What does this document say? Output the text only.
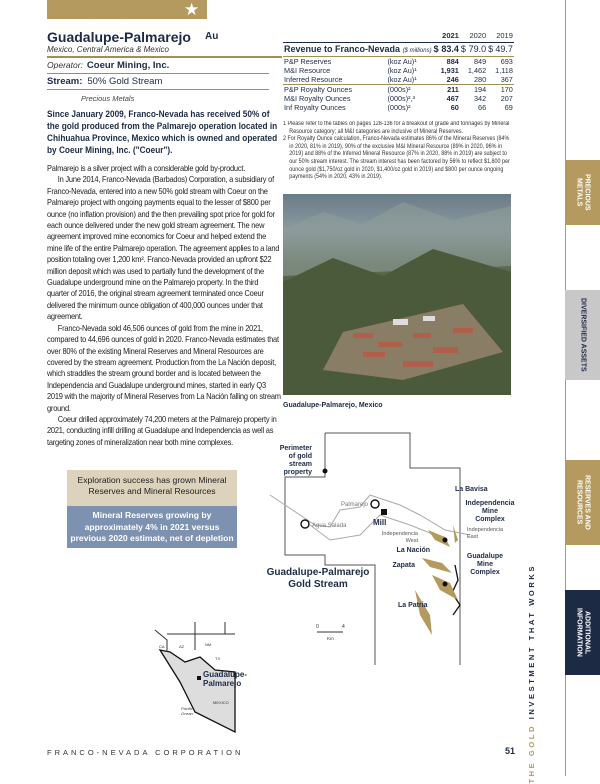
★
Central America and Mexico
Guadalupe-Palmarejo Au
Mexico, Central America & Mexico
Operator: Coeur Mining, Inc.
Stream: 50% Gold Stream
Precious Metals
Since January 2009, Franco-Nevada has received 50% of the gold produced from the Palmarejo operation located in Chihuahua Province, Mexico which is owned and operated by Coeur Mining, Inc. ("Coeur").

Palmarejo is a silver project with a considerable gold by-product.

In June 2014, Franco-Nevada (Barbados) Corporation, a subsidiary of Franco-Nevada, entered into a new 50% gold stream with Coeur on the Palmarejo project with ongoing payments equal to the lesser of $800 per ounce (no inflation provision) and the then prevailing spot price for gold for each ounce delivered under the new gold stream agreement. The new agreement improved mine economics for Coeur and helped extend the mine life of the entire Palmarejo operation. The agreement applies to a land position totaling over 1,200 km². Franco-Nevada provided an upfront $22 million deposit which was used to partially fund the development of the Guadalupe underground mine on the Palmarejo property. In the third quarter of 2016, the original stream agreement terminated once Coeur delivered the minimum ounce obligation of 400,000 ounces under that agreement.

Franco-Nevada sold 46,506 ounces of gold from the mine in 2021, compared to 44,696 ounces of gold in 2020. Franco-Nevada estimates that over 80% of the existing Mineral Reserves and Mineral Resources are covered by the stream agreement. Production from the La Nación deposit, which straddles the stream ground border and is located between the Independencia and Guadalupe underground mines, started in early Q3 2019 with the majority of Mineral Reserves from La Nación falling on stream ground.

Coeur drilled approximately 74,200 meters at the Palmarejo property in 2021, conducting infill drilling at Guadalupe and Independencia as well as targeting zones of mineralization near both mine complexes.

Exploration success has grown Mineral Reserves and Mineral Resources
Mineral Reserves growing by approximately 4% in 2021 versus previous 2020 estimate, net of depletion
			2021		2020		2019
Revenue to Franco-Nevada ($ millions)		$	83.4	$	79.0	$	49.7
P&P Reserves	(koz Au)¹		884		849		693
M&I Resource	(koz Au)¹		1,931		1,462		1,118
Inferred Resource	(koz Au)¹		246		280		367
P&P Royalty Ounces	(000s)²		211		194		170
M&I Royalty Ounces	(000s)²,³		467		342		207
Inf Royalty Ounces	(000s)²		60		66		69

1 Please refer to the tables on pages 128-136 for a breakout of grade and tonnages by Mineral Resource category; all M&I categories are inclusive of Mineral Reserves.

2 For Royalty Ounce calculation, Franco-Nevada estimates 86% of the Mineral Reserves (84% in 2020, 81% in 2019), 90% of the exclusive M&I Mineral Resource (89% in 2020, 96% in 2019) and 88% of the Inferred Mineral Resource (87% in 2020, 88% in 2019) are subject to our 50% stream interest. The stream interest has been factored by 56% to reflect $1,800 per ounce gold ($1,750/oz gold in 2020, $1,400/oz gold in 2019) and $800 per ounce ongoing payments (54% in 2020, 43% in 2019).

Guadalupe-Palmarejo, Mexico
Perimeter of gold stream property
Palmarejo
Agua Salada	Mill
Independencia West
La Nación
Zapata
La Bavisa
Independencia Mine Complex
Independencia East
Guadalupe Mine Complex
La Patria
Guadalupe-Palmarejo Gold Stream
0	4
Km
CA	AZ	NM
TX
Guadalupe-Palmarejo
MEXICO
Pacific Ocean
PRECIOUS METALS
DIVERSIFIED ASSETS
RESERVES AND RESOURCES
ADDITIONAL INFORMATION
THE GOLD INVESTMENT THAT WORKS
FRANCO-NEVADA CORPORATION	51
